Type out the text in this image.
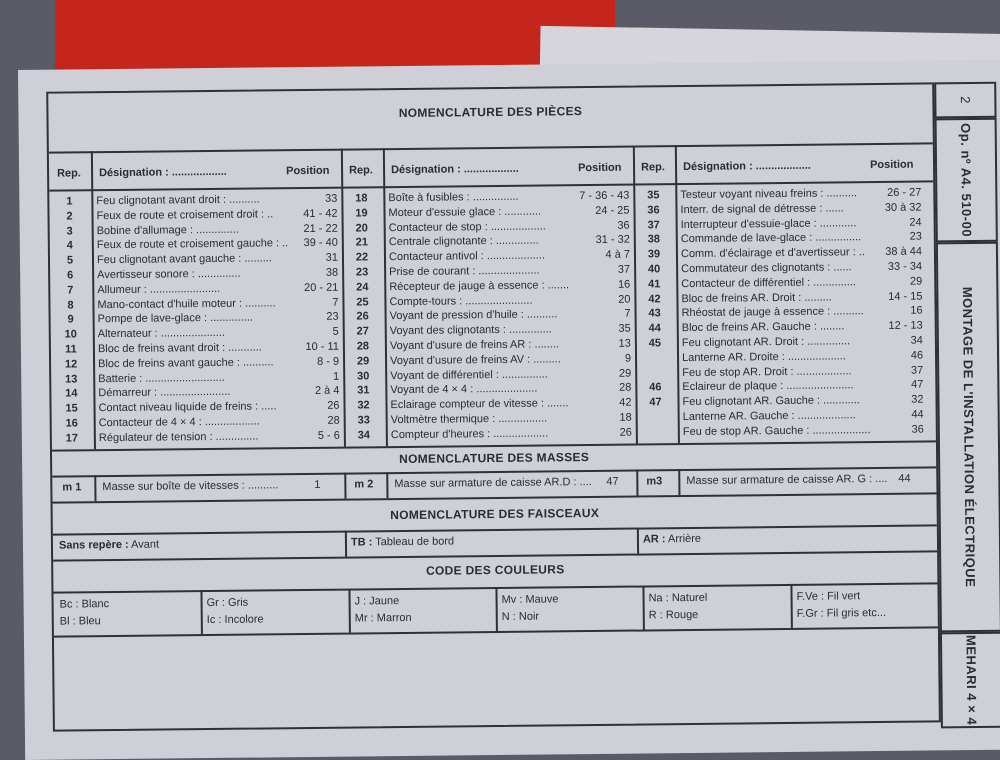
NOMENCLATURE DES PIÈCES
Rep. Désignation : ..................	Position
1	Feu clignotant avant droit : ..........	33
2	Feux de route et croisement droit : ..	41 - 42
3	Bobine d'allumage : ..............	21 - 22
4	Feux de route et croisement gauche : .. 39 - 40
5	Feu clignotant avant gauche : .........	31
6	Avertisseur sonore : ..............	38
7	Allumeur : .......................	20 - 21
8	Mano-contact d'huile moteur : ..........	7
9	Pompe de lave-glace : ..............	23
10	Alternateur : .....................	5
11	Bloc de freins avant droit : ...........	10 - 11
12	Bloc de freins avant gauche : ..........	8 - 9
13	Batterie : ..........................	1
14	Démarreur : .......................	2 à 4
15	Contact niveau liquide de freins : .....	26
16	Contacteur de 4 × 4 : ..................	28
17	Régulateur de tension : ..............	5 - 6
Rep. Désignation : ..................	Position
18	Boîte à fusibles : ...............	7 - 36 - 43
19	Moteur d'essuie glace : ............	24 - 25
20	Contacteur de stop : ..................	36
21	Centrale clignotante : ..............	31 - 32
22	Contacteur antivol : ...................	4 à 7
23	Prise de courant : ....................	37
24	Récepteur de jauge à essence : .......	16
25	Compte-tours : ......................	20
26	Voyant de pression d'huile : ..........	7
27	Voyant des clignotants : ..............	35
28	Voyant d'usure de freins AR : ........	13
29	Voyant d'usure de freins AV : .........	9
30	Voyant de différentiel : ...............	29
31	Voyant de 4 × 4 : ....................	28
32	Eclairage compteur de vitesse : .......	42
33	Voltmètre thermique : ................	18
34	Compteur d'heures : ..................	26
Rep. Désignation : ..................	Position
35	Testeur voyant niveau freins : ..........	26 - 27
36	Interr. de signal de détresse : ......	30 à 32
37	Interrupteur d'essuie-glace : ............	24
38	Commande de lave-glace : ...............	23
39	Comm. d'éclairage et d'avertisseur : .. 38 à 44
40	Commutateur des clignotants : ......	33 - 34
41	Contacteur de différentiel : ..............	29
42	Bloc de freins AR. Droit : .........	14 - 15
43	Rhéostat de jauge à essence : ..........	16
44	Bloc de freins AR. Gauche : ........	12 - 13
45	Feu clignotant AR. Droit : ..............	34
Lanterne AR. Droite : ...................	46
Feu de stop AR. Droit : ..................	37
46	Eclaireur de plaque : ......................	47
47	Feu clignotant AR. Gauche : ............	32
Lanterne AR. Gauche : ...................	44
Feu de stop AR. Gauche : ...................	36
NOMENCLATURE DES MASSES
m 1 Masse sur boîte de vitesses : ..........	1	m 2 Masse sur armature de caisse AR.D : .... 47	m3 Masse sur armature de caisse AR. G : .... 44
NOMENCLATURE DES FAISCEAUX
Sans repère : Avant	TB : Tableau de bord	AR : Arrière
CODE DES COULEURS
Bc : Blanc
Bl : Bleu
Gr : Gris
Ic : Incolore
J : Jaune
Mr : Marron
Mv : Mauve
N : Noir
Na : Naturel
R : Rouge
F.Ve : Fil vert
F.Gr : Fil gris etc...
2
Op. nº A4. 510-00
MONTAGE DE L'INSTALLATION ÉLECTRIQUE
MEHARI 4 × 4
